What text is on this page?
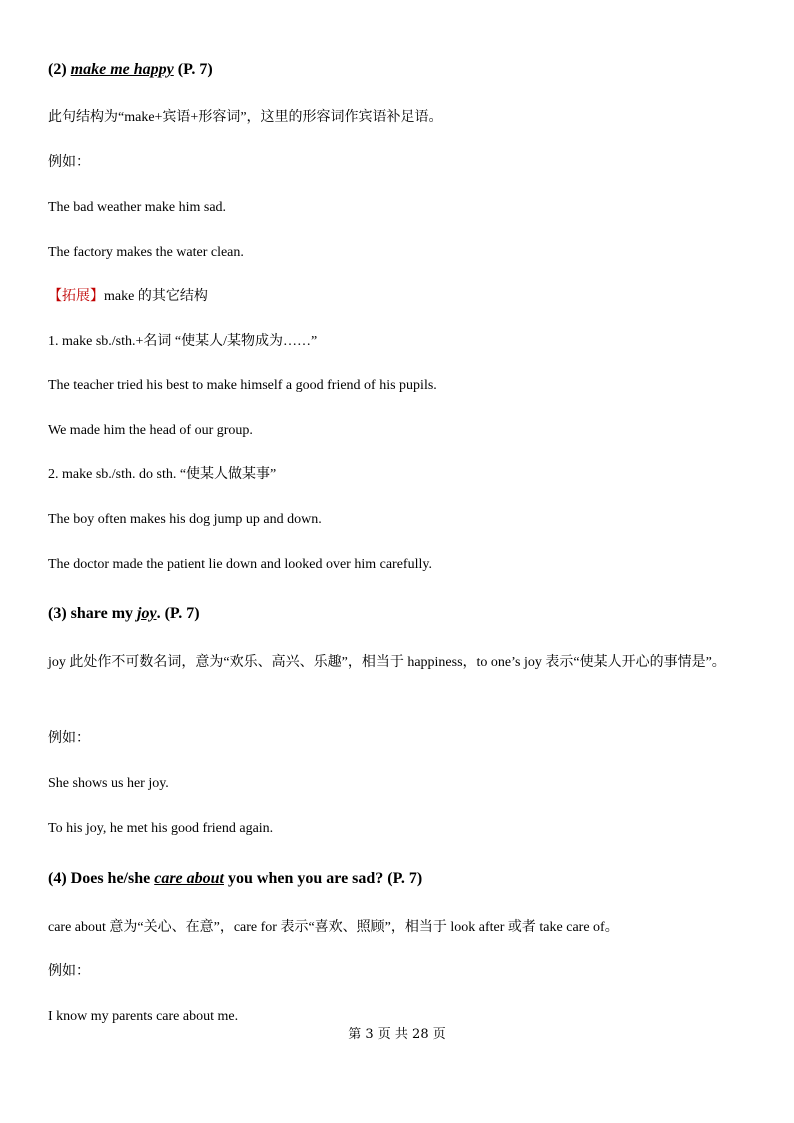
(2) make me happy (P. 7)
此句结构为“make+宾语+形容词”，这里的形容词作宾语补足语。
例如：
The bad weather make him sad.
The factory makes the water clean.
【拓展】make 的其它结构
1. make sb./sth.+名词 “使某人/某物成为……”
The teacher tried his best to make himself a good friend of his pupils.
We made him the head of our group.
2. make sb./sth. do sth. “使某人做某事”
The boy often makes his dog jump up and down.
The doctor made the patient lie down and looked over him carefully.
(3) share my joy. (P. 7)
joy 此处作不可数名词，意为“欢乐、高兴、乐趣”，相当于 happiness，to one’s joy 表示“使某人开心的事情是”。
例如：
She shows us her joy.
To his joy, he met his good friend again.
(4) Does he/she care about you when you are sad? (P. 7)
care about 意为“关心、在意”，care for 表示“喜欢、照顾”，相当于 look after 或者 take care of。
例如：
I know my parents care about me.
第 3 页 共 28 页
